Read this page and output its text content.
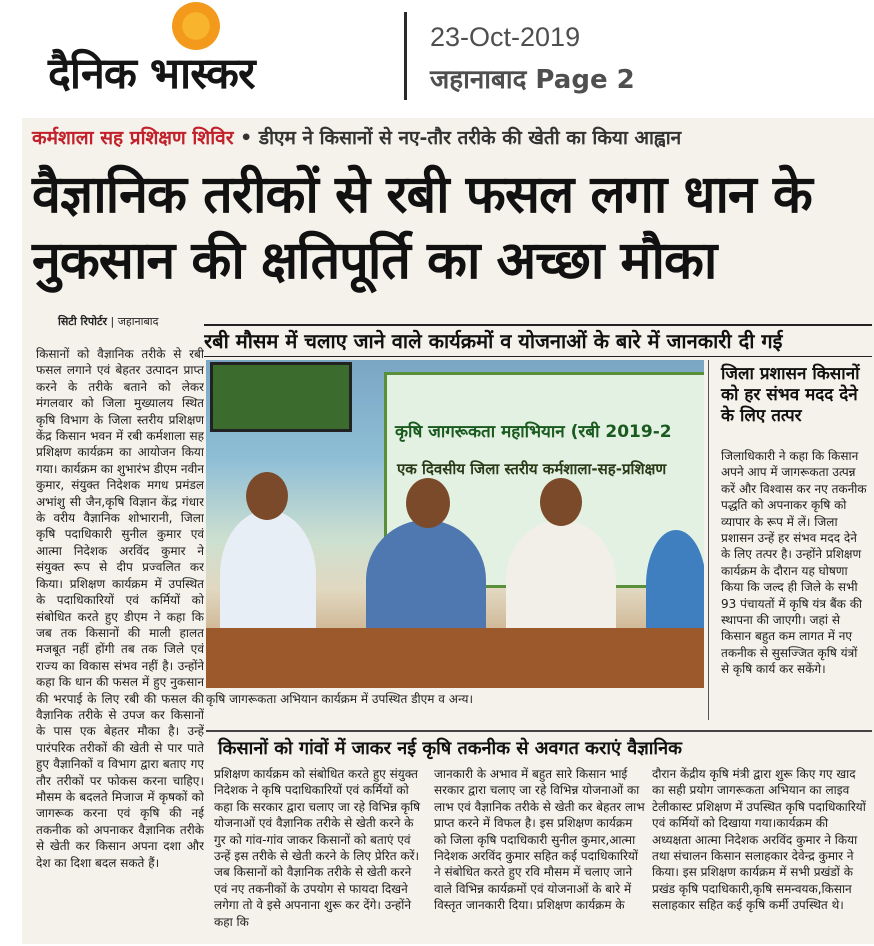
दैनिक भास्कर
23-Oct-2019
जहानाबाद Page 2
कर्मशाला सह प्रशिक्षण शिविर • डीएम ने किसानों से नए-तौर तरीके की खेती का किया आह्वान
वैज्ञानिक तरीकों से रबी फसल लगा धान के नुकसान की क्षतिपूर्ति का अच्छा मौका
सिटी रिपोर्टर | जहानाबाद
रबी मौसम में चलाए जाने वाले कार्यक्रमों व योजनाओं के बारे में जानकारी दी गई
किसानों को वैज्ञानिक तरीके से रबी फसल लगाने एवं बेहतर उत्पादन प्राप्त करने के तरीके बताने को लेकर मंगलवार को जिला मुख्यालय स्थित कृषि विभाग के जिला स्तरीय प्रशिक्षण केंद्र किसान भवन में रबी कर्मशाला सह प्रशिक्षण कार्यक्रम का आयोजन किया गया। कार्यक्रम का शुभारंभ डीएम नवीन कुमार, संयुक्त निदेशक मगध प्रमंडल अभांशु सी जैन,कृषि विज्ञान केंद्र गंधार के वरीय वैज्ञानिक शोभारानी, जिला कृषि पदाधिकारी सुनील कुमार एवं आत्मा निदेशक अरविंद कुमार ने संयुक्त रूप से दीप प्रज्वलित कर किया। प्रशिक्षण कार्यक्रम में उपस्थित के पदाधिकारियों एवं कर्मियों को संबोधित करते हुए डीएम ने कहा कि जब तक किसानों की माली हालत मजबूत नहीं होंगी तब तक जिले एवं राज्य का विकास संभव नहीं है। उन्होंने कहा कि धान की फसल में हुए नुकसान की भरपाई के लिए रबी की फसल की वैज्ञानिक तरीके से उपज कर किसानों के पास एक बेहतर मौका है। उन्हें पारंपरिक तरीकों की खेती से पार पाते हुए वैज्ञानिकों व विभाग द्वारा बताए गए तौर तरीकों पर फोकस करना चाहिए। मौसम के बदलते मिजाज में कृषकों को जागरूक करना एवं कृषि की नई तकनीक को अपनाकर वैज्ञानिक तरीके से खेती कर किसान अपना दशा और देश का दिशा बदल सकते हैं।
कृषि जागरूकता महाभियान (रबी 2019-2
एक दिवसीय जिला स्तरीय कर्मशाला-सह-प्रशिक्षण
कृषि जागरूकता अभियान कार्यक्रम में उपस्थित डीएम व अन्य।
जिला प्रशासन किसानों को हर संभव मदद देने के लिए तत्पर
जिलाधिकारी ने कहा कि किसान अपने आप में जागरूकता उत्पन्न करें और विश्वास कर नए तकनीक पद्धति को अपनाकर कृषि को व्यापार के रूप में लें। जिला प्रशासन उन्हें हर संभव मदद देने के लिए तत्पर है। उन्होंने प्रशिक्षण कार्यक्रम के दौरान यह घोषणा किया कि जल्द ही जिले के सभी 93 पंचायतों में कृषि यंत्र बैंक की स्थापना की जाएगी। जहां से किसान बहुत कम लागत में नए तकनीक से सुसज्जित कृषि यंत्रों से कृषि कार्य कर सकेंगे।
किसानों को गांवों में जाकर नई कृषि तकनीक से अवगत कराएं वैज्ञानिक
प्रशिक्षण कार्यक्रम को संबोधित करते हुए संयुक्त निदेशक ने कृषि पदाधिकारियों एवं कर्मियों को कहा कि सरकार द्वारा चलाए जा रहे विभिन्न कृषि योजनाओं एवं वैज्ञानिक तरीके से खेती करने के गुर को गांव-गांव जाकर किसानों को बताएं एवं उन्हें इस तरीके से खेती करने के लिए प्रेरित करें। जब किसानों को वैज्ञानिक तरीके से खेती करने एवं नए तकनीकों के उपयोग से फायदा दिखने लगेगा तो वे इसे अपनाना शुरू कर देंगे। उन्होंने कहा कि
जानकारी के अभाव में बहुत सारे किसान भाई सरकार द्वारा चलाए जा रहे विभिन्न योजनाओं का लाभ एवं वैज्ञानिक तरीके से खेती कर बेहतर लाभ प्राप्त करने में विफल है। इस प्रशिक्षण कार्यक्रम को जिला कृषि पदाधिकारी सुनील कुमार,आत्मा निदेशक अरविंद कुमार सहित कई पदाधिकारियों ने संबोधित करते हुए रवि मौसम में चलाए जाने वाले विभिन्न कार्यक्रमों एवं योजनाओं के बारे में विस्तृत जानकारी दिया। प्रशिक्षण कार्यक्रम के
दौरान केंद्रीय कृषि मंत्री द्वारा शुरू किए गए खाद का सही प्रयोग जागरूकता अभियान का लाइव टेलीकास्ट प्रशिक्षण में उपस्थित कृषि पदाधिकारियों एवं कर्मियों को दिखाया गया।कार्यक्रम की अध्यक्षता आत्मा निदेशक अरविंद कुमार ने किया तथा संचालन किसान सलाहकार देवेन्द्र कुमार ने किया। इस प्रशिक्षण कार्यक्रम में सभी प्रखंडों के प्रखंड कृषि पदाधिकारी,कृषि समन्वयक,किसान सलाहकार सहित कई कृषि कर्मी उपस्थित थे।
